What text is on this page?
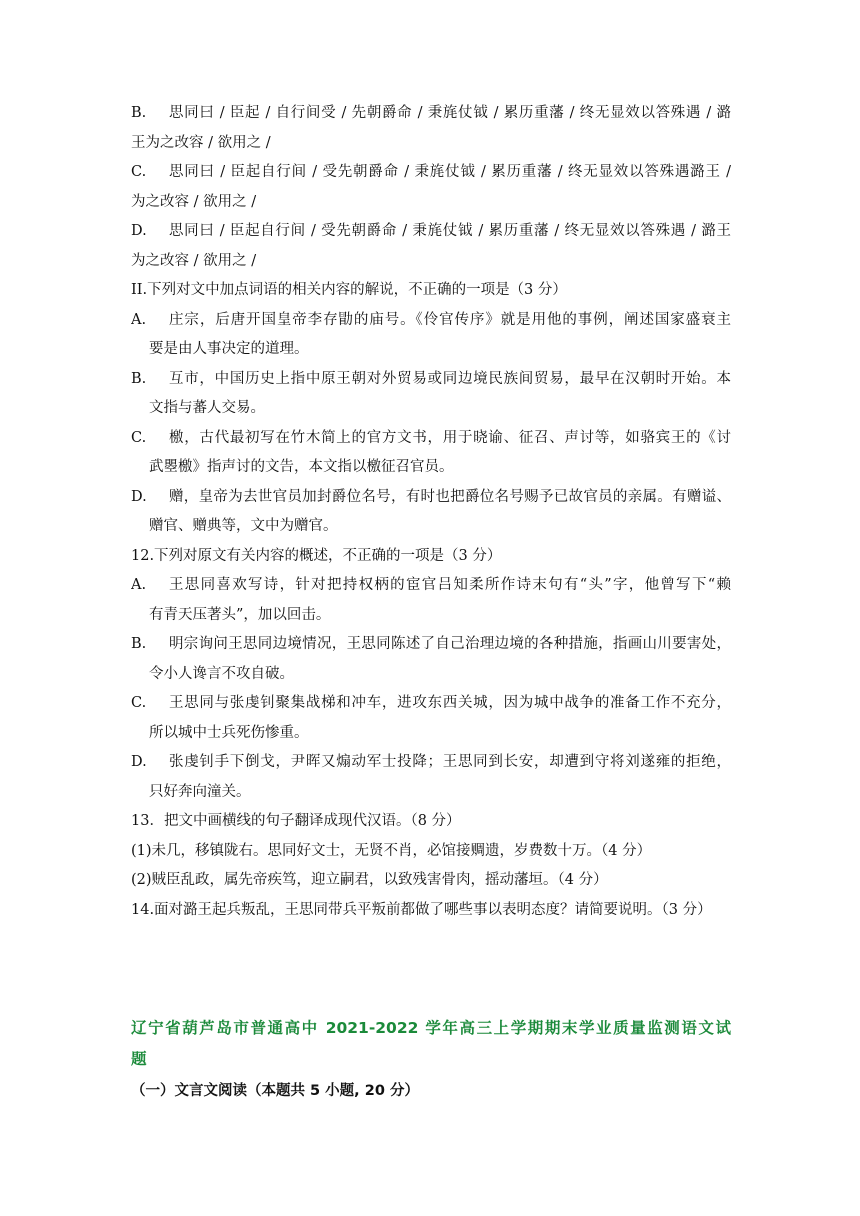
B.	思同曰 / 臣起 / 自行间受 / 先朝爵命 / 秉旄仗钺 / 累历重藩 / 终无显效以答殊遇 / 潞
王为之改容 / 欲用之 /
C.	思同曰 / 臣起自行间 / 受先朝爵命 / 秉旄仗钺 / 累历重藩 / 终无显效以答殊遇潞王 /
为之改容 / 欲用之 /
D.	思同曰 / 臣起自行间 / 受先朝爵命 / 秉旄仗钺 / 累历重藩 / 终无显效以答殊遇 / 潞王
为之改容 / 欲用之 /
II.下列对文中加点词语的相关内容的解说，不正确的一项是（3 分）
A.	庄宗，后唐开国皇帝李存勖的庙号。《伶官传序》就是用他的事例，阐述国家盛衰主
要是由人事决定的道理。
B.	互市，中国历史上指中原王朝对外贸易或同边境民族间贸易，最早在汉朝时开始。本
文指与蕃人交易。
C.	檄，古代最初写在竹木简上的官方文书，用于晓谕、征召、声讨等，如骆宾王的《讨
武瞾檄》指声讨的文告，本文指以檄征召官员。
D.	赠，皇帝为去世官员加封爵位名号，有时也把爵位名号赐予已故官员的亲属。有赠谥、
赠官、赠典等，文中为赠官。
12.下列对原文有关内容的概述，不正确的一项是（3 分）
A.	王思同喜欢写诗，针对把持权柄的宦官吕知柔所作诗末句有“头”字，他曾写下“赖
有青天压著头”，加以回击。
B.	明宗询问王思同边境情况，王思同陈述了自己治理边境的各种措施，指画山川要害处，
令小人谗言不攻自破。
C.	王思同与张虔钊聚集战梯和冲车，进攻东西关城，因为城中战争的准备工作不充分，
所以城中士兵死伤惨重。
D.	张虔钊手下倒戈，尹晖又煽动军士投降；王思同到长安，却遭到守将刘遂雍的拒绝，
只好奔向潼关。
13．把文中画横线的句子翻译成现代汉语。（8 分）
(1)未几，移镇陇右。思同好文士，无贤不肖，必馆接赒遗，岁费数十万。（4 分）
(2)贼臣乱政，属先帝疾笃，迎立嗣君，以致残害骨肉，摇动藩垣。（4 分）
14.面对潞王起兵叛乱，王思同带兵平叛前都做了哪些事以表明态度？请简要说明。（3 分）
辽宁省葫芦岛市普通高中 2021-2022 学年高三上学期期末学业质量监测语文试
题
（一）文言文阅读（本题共 5 小题, 20 分）
